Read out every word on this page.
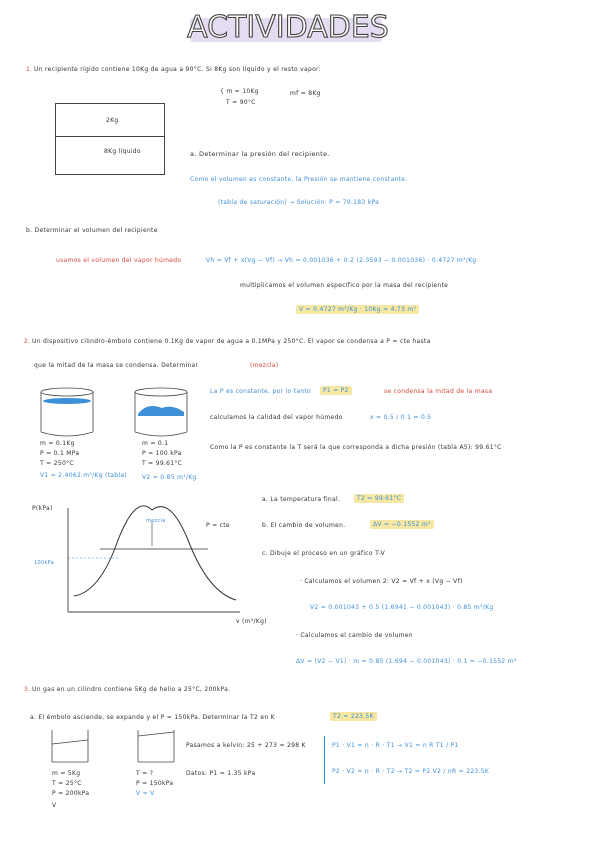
ACTIVIDADES
1. Un recipiente rígido contiene 10Kg de agua a 90°C. Si 8Kg son líquido y el resto vapor:
{ m = 10Kg
T = 90°C
mf = 8Kg
2Kg
8Kg líquido	a. Determinar la presión del recipiente.
Como el volumen es constante, la Presión se mantiene constante.
(tabla de saturación) → Solución: P = 70.183 kPa
b. Determinar el volumen del recipiente
usamos el volumen del vapor húmedo	Vh = Vf + x(Vg − Vf) → Vh = 0.001036 + 0.2 (2.3593 − 0.001036) · 0.4727 m³/Kg
multiplicamos el volumen específico por la masa del recipiente
V = 0.4727 m³/Kg · 10Kg = 4.73 m³
2. Un dispositivo cilindro-émbolo contiene 0.1Kg de vapor de agua a 0.1MPa y 250°C. El vapor se condensa a P = cte hasta
que la mitad de la masa se condensa. Determinar	(mezcla)
m = 0.1Kg
P = 0.1 MPa
T = 250°C
V1 = 2.4062 m³/Kg (tabla)
m = 0.1
P = 100 kPa
T = 99.61°C
V2 = 0.85 m³/Kg
La P es constante, por lo tanto	P1 = P2	se condensa la mitad de la masa
calculamos la calidad del vapor húmedo	x = 0.5 / 0.1 = 0.5
Como la P es constante la T será la que corresponda a dicha presión (tabla A5): 99.61°C
P(kPa)
v (m³/Kg)
P = cte
100kPa
mezcla
a. La temperatura final.	T2 = 99.61°C
b. El cambio de volumen.	ΔV = −0.1552 m³
c. Dibuje el proceso en un gráfico T-V
· Calculamos el volumen 2: V2 = Vf + x (Vg − Vf)
V2 = 0.001043 + 0.5 (1.6941 − 0.001043) · 0.85 m³/Kg
· Calculamos el cambio de volumen
ΔV = (V2 − V1) · m = 0.85 (1.694 − 0.001043) · 0.1 = −0.1552 m³
3. Un gas en un cilindro contiene 5Kg de helio a 25°C, 200kPa.
a. El émbolo asciende, se expande y el P = 150kPa. Determinar la T2 en K	T2 = 223.5K
m = 5Kg
T = 25°C
P = 200kPa
V
T = ?
P = 150kPa
V = V
Pasamos a kelvin: 25 + 273 = 298 K
Datos: P1 = 1.35 kPa
P1 · V1 = n · R · T1 → V1 = n R T1 / P1
P2 · V2 = n · R · T2 → T2 = P2 V2 / nR = 223.5K
